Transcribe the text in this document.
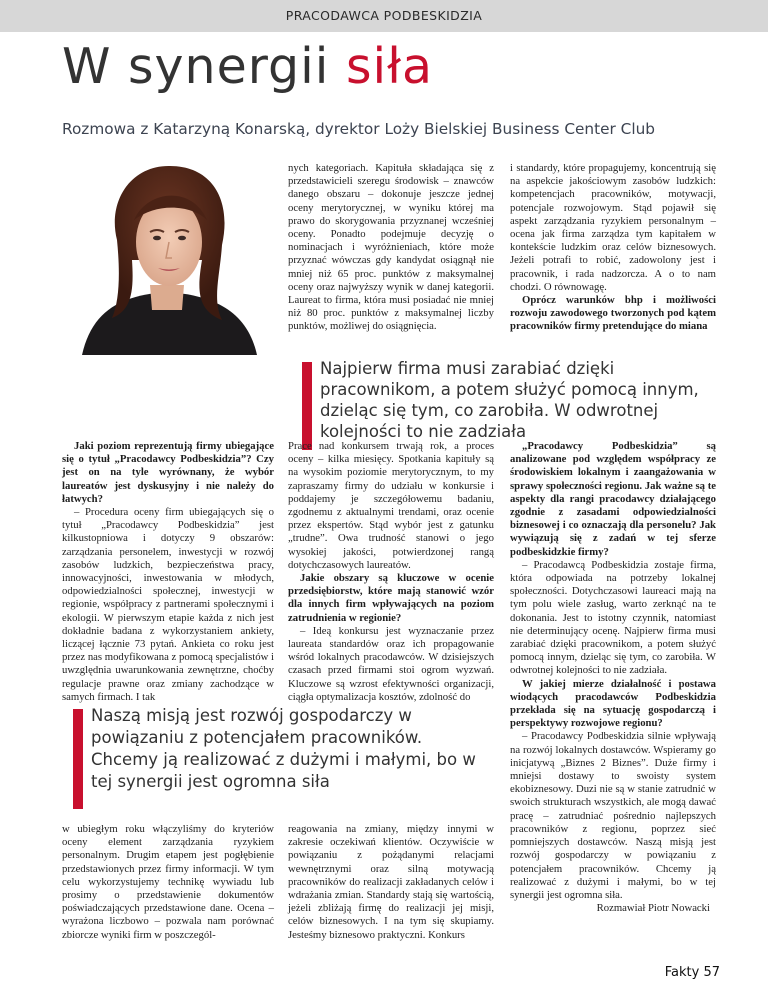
PRACODAWCA PODBESKIDZIA
W synergii siła
Rozmowa z Katarzyną Konarską, dyrektor Loży Bielskiej Business Center Club

nych kategoriach. Kapituła składająca się z przedstawicieli szeregu środowisk – znawców danego obszaru – dokonuje jeszcze jednej oceny merytorycznej, w wyniku której ma prawo do skorygowania przyznanej wcześniej oceny. Ponadto podejmuje decyzję o nominacjach i wyróżnieniach, które może przyznać wówczas gdy kandydat osiągnął nie mniej niż 65 proc. punktów z maksymalnej oceny oraz najwyższy wynik w danej kategorii. Laureat to firma, która musi posiadać nie mniej niż 80 proc. punktów z maksymalnej liczby punktów, możliwej do osiągnięcia.

i standardy, które propagujemy, koncentrują się na aspekcie jakościowym zasobów ludzkich: kompetencjach pracowników, motywacji, potencjale rozwojowym. Stąd pojawił się aspekt zarządzania ryzykiem personalnym – ocena jak firma zarządza tym kapitałem w kontekście ludzkim oraz celów biznesowych. Jeżeli potrafi to robić, zadowolony jest i pracownik, i rada nadzorcza. A o to nam chodzi. O równowagę.

Oprócz warunków bhp i możliwości rozwoju zawodowego tworzonych pod kątem pracowników firmy pretendujące do miana

Najpierw firma musi zarabiać dzięki pracownikom, a potem służyć pomocą innym, dzieląc się tym, co zarobiła. W odwrotnej kolejności to nie zadziała

Jaki poziom reprezentują firmy ubiegające się o tytuł „Pracodawcy Podbeskidzia”? Czy jest on na tyle wyrównany, że wybór laureatów jest dyskusyjny i nie należy do łatwych?

– Procedura oceny firm ubiegających się o tytuł „Pracodawcy Podbeskidzia” jest kilkustopniowa i dotyczy 9 obszarów: zarządzania personelem, inwestycji w rozwój zasobów ludzkich, bezpieczeństwa pracy, innowacyjności, inwestowania w młodych, odpowiedzialności społecznej, inwestycji w regionie, współpracy z partnerami społecznymi i ekologii. W pierwszym etapie każda z nich jest dokładnie badana z wykorzystaniem ankiety, liczącej łącznie 73 pytań. Ankieta co roku jest przez nas modyfikowana z pomocą specjalistów i uwzględnia uwarunkowania zewnętrzne, choćby regulacje prawne oraz zmiany zachodzące w samych firmach. I tak

Prace nad konkursem trwają rok, a proces oceny – kilka miesięcy. Spotkania kapituły są na wysokim poziomie merytorycznym, to my zapraszamy firmy do udziału w konkursie i poddajemy je szczegółowemu badaniu, zgodnemu z aktualnymi trendami, oraz ocenie przez ekspertów. Stąd wybór jest z gatunku „trudne”. Owa trudność stanowi o jego wysokiej jakości, potwierdzonej rangą dotychczasowych laureatów.

Jakie obszary są kluczowe w ocenie przedsiębiorstw, które mają stanowić wzór dla innych firm wpływających na poziom zatrudnienia w regionie?

– Ideą konkursu jest wyznaczanie przez laureata standardów oraz ich propagowanie wśród lokalnych pracodawców. W dzisiejszych czasach przed firmami stoi ogrom wyzwań. Kluczowe są wzrost efektywności organizacji, ciągła optymalizacja kosztów, zdolność do

„Pracodawcy Podbeskidzia” są analizowane pod względem współpracy ze środowiskiem lokalnym i zaangażowania w sprawy społeczności regionu. Jak ważne są te aspekty dla rangi pracodawcy działającego zgodnie z zasadami odpowiedzialności biznesowej i co oznaczają dla personelu? Jak wywiązują się z zadań w tej sferze podbeskidzkie firmy?

– Pracodawcą Podbeskidzia zostaje firma, która odpowiada na potrzeby lokalnej społeczności. Dotychczasowi laureaci mają na tym polu wiele zasług, warto zerknąć na te dokonania. Jest to istotny czynnik, natomiast nie determinujący ocenę. Najpierw firma musi zarabiać dzięki pracownikom, a potem służyć pomocą innym, dzieląc się tym, co zarobiła. W odwrotnej kolejności to nie zadziała.

W jakiej mierze działalność i postawa wiodących pracodawców Podbeskidzia przekłada się na sytuację gospodarczą i perspektywy rozwojowe regionu?

– Pracodawcy Podbeskidzia silnie wpływają na rozwój lokalnych dostawców. Wspieramy go inicjatywą „Biznes 2 Biznes”. Duże firmy i mniejsi dostawy to swoisty system ekobiznesowy. Duzi nie są w stanie zatrudnić w swoich strukturach wszystkich, ale mogą dawać pracę – zatrudniać pośrednio najlepszych pracowników z regionu, poprzez sieć pomniejszych dostawców. Naszą misją jest rozwój gospodarczy w powiązaniu z potencjałem pracowników. Chcemy ją realizować z dużymi i małymi, bo w tej synergii jest ogromna siła.

Rozmawiał Piotr Nowacki

Naszą misją jest rozwój gospodarczy w powiązaniu z potencjałem pracowników. Chcemy ją realizować z dużymi i małymi, bo w tej synergii jest ogromna siła

w ubiegłym roku włączyliśmy do kryteriów oceny element zarządzania ryzykiem personalnym. Drugim etapem jest pogłębienie przedstawionych przez firmy informacji. W tym celu wykorzystujemy technikę wywiadu lub prosimy o przedstawienie dokumentów poświadczających przedstawione dane. Ocena – wyrażona liczbowo – pozwala nam porównać zbiorcze wyniki firm w poszczegól-

reagowania na zmiany, między innymi w zakresie oczekiwań klientów. Oczywiście w powiązaniu z pożądanymi relacjami wewnętrznymi oraz silną motywacją pracowników do realizacji zakładanych celów i wdrażania zmian. Standardy stają się wartością, jeżeli zbliżają firmę do realizacji jej misji, celów biznesowych. I na tym się skupiamy. Jesteśmy biznesowo praktyczni. Konkurs

Fakty 57
